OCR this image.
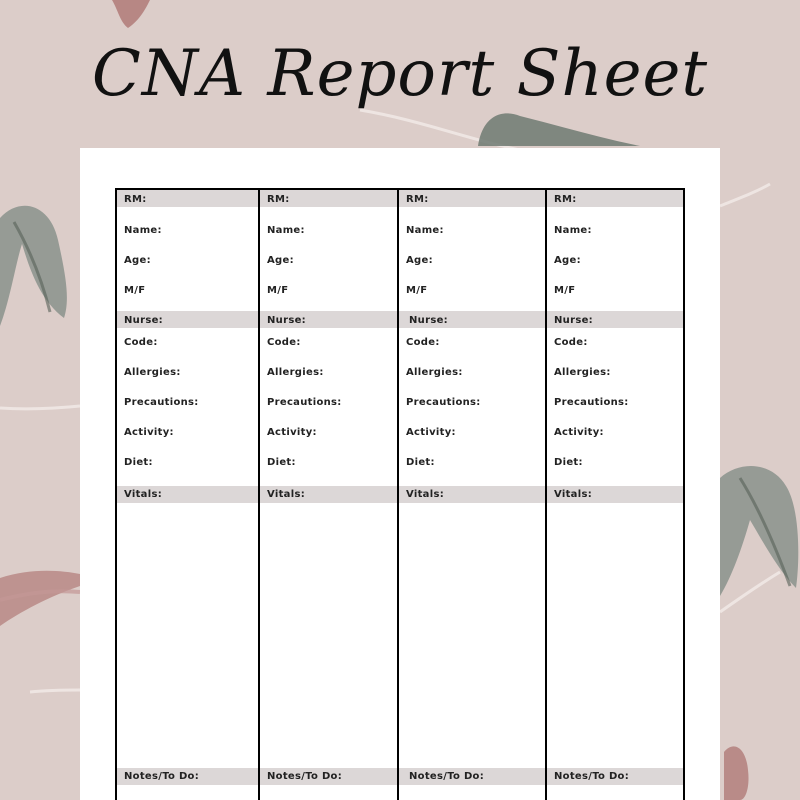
CNA Report Sheet
RM:
Name:
Age:
M/F
Nurse:
Code:
Allergies:
Precautions:
Activity:
Diet:
Vitals:
Notes/To Do:
RM:
Name:
Age:
M/F
Nurse:
Code:
Allergies:
Precautions:
Activity:
Diet:
Vitals:
Notes/To Do:
RM:
Name:
Age:
M/F
Nurse:
Code:
Allergies:
Precautions:
Activity:
Diet:
Vitals:
Notes/To Do:
RM:
Name:
Age:
M/F
Nurse:
Code:
Allergies:
Precautions:
Activity:
Diet:
Vitals:
Notes/To Do:
